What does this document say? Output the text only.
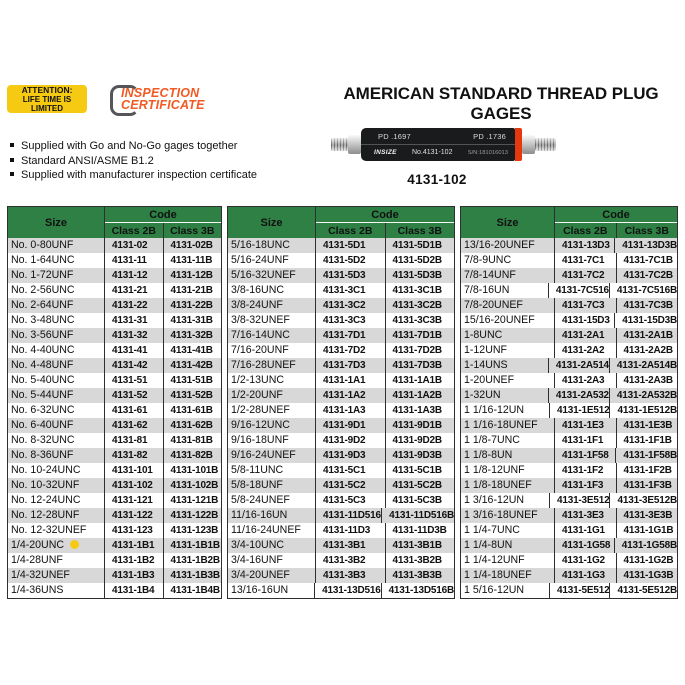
ATTENTION:
LIFE TIME IS LIMITED
INSPECTION
CERTIFICATE
AMERICAN STANDARD THREAD PLUG GAGES
Supplied with Go and No-Go gages together
Standard ANSI/ASME B1.2
Supplied with manufacturer inspection certificate
PD .1697	PD .1736
INSIZE No.4131-102	S/N:181016013
4131-102
Size
Code
Class 2B	Class 3B
No. 0-80UNF	4131-02	4131-02B
No. 1-64UNC	4131-11	4131-11B
No. 1-72UNF	4131-12	4131-12B
No. 2-56UNC	4131-21	4131-21B
No. 2-64UNF	4131-22	4131-22B
No. 3-48UNC	4131-31	4131-31B
No. 3-56UNF	4131-32	4131-32B
No. 4-40UNC	4131-41	4131-41B
No. 4-48UNF	4131-42	4131-42B
No. 5-40UNC	4131-51	4131-51B
No. 5-44UNF	4131-52	4131-52B
No. 6-32UNC	4131-61	4131-61B
No. 6-40UNF	4131-62	4131-62B
No. 8-32UNC	4131-81	4131-81B
No. 8-36UNF	4131-82	4131-82B
No. 10-24UNC	4131-101	4131-101B
No. 10-32UNF	4131-102	4131-102B
No. 12-24UNC	4131-121	4131-121B
No. 12-28UNF	4131-122	4131-122B
No. 12-32UNEF	4131-123	4131-123B
1/4-20UNC	4131-1B1	4131-1B1B
1/4-28UNF	4131-1B2	4131-1B2B
1/4-32UNEF	4131-1B3	4131-1B3B
1/4-36UNS	4131-1B4	4131-1B4B
Size
Code
Class 2B	Class 3B
5/16-18UNC	4131-5D1	4131-5D1B
5/16-24UNF	4131-5D2	4131-5D2B
5/16-32UNEF	4131-5D3	4131-5D3B
3/8-16UNC	4131-3C1	4131-3C1B
3/8-24UNF	4131-3C2	4131-3C2B
3/8-32UNEF	4131-3C3	4131-3C3B
7/16-14UNC	4131-7D1	4131-7D1B
7/16-20UNF	4131-7D2	4131-7D2B
7/16-28UNEF	4131-7D3	4131-7D3B
1/2-13UNC	4131-1A1	4131-1A1B
1/2-20UNF	4131-1A2	4131-1A2B
1/2-28UNEF	4131-1A3	4131-1A3B
9/16-12UNC	4131-9D1	4131-9D1B
9/16-18UNF	4131-9D2	4131-9D2B
9/16-24UNEF	4131-9D3	4131-9D3B
5/8-11UNC	4131-5C1	4131-5C1B
5/8-18UNF	4131-5C2	4131-5C2B
5/8-24UNEF	4131-5C3	4131-5C3B
11/16-16UN	4131-11D516 4131-11D516B
11/16-24UNEF	4131-11D3	4131-11D3B
3/4-10UNC	4131-3B1	4131-3B1B
3/4-16UNF	4131-3B2	4131-3B2B
3/4-20UNEF	4131-3B3	4131-3B3B
13/16-16UN	4131-13D516 4131-13D516B
Size
Code
Class 2B	Class 3B
13/16-20UNEF	4131-13D3	4131-13D3B
7/8-9UNC	4131-7C1	4131-7C1B
7/8-14UNF	4131-7C2	4131-7C2B
7/8-16UN	4131-7C516 4131-7C516B
7/8-20UNEF	4131-7C3	4131-7C3B
15/16-20UNEF	4131-15D3	4131-15D3B
1-8UNC	4131-2A1	4131-2A1B
1-12UNF	4131-2A2	4131-2A2B
1-14UNS	4131-2A514 4131-2A514B
1-20UNEF	4131-2A3	4131-2A3B
1-32UN	4131-2A532 4131-2A532B
1 1/16-12UN	4131-1E512 4131-1E512B
1 1/16-18UNEF	4131-1E3	4131-1E3B
1 1/8-7UNC	4131-1F1	4131-1F1B
1 1/8-8UN	4131-1F58	4131-1F58B
1 1/8-12UNF	4131-1F2	4131-1F2B
1 1/8-18UNEF	4131-1F3	4131-1F3B
1 3/16-12UN	4131-3E512 4131-3E512B
1 3/16-18UNEF	4131-3E3	4131-3E3B
1 1/4-7UNC	4131-1G1	4131-1G1B
1 1/4-8UN	4131-1G58	4131-1G58B
1 1/4-12UNF	4131-1G2	4131-1G2B
1 1/4-18UNEF	4131-1G3	4131-1G3B
1 5/16-12UN	4131-5E512 4131-5E512B
